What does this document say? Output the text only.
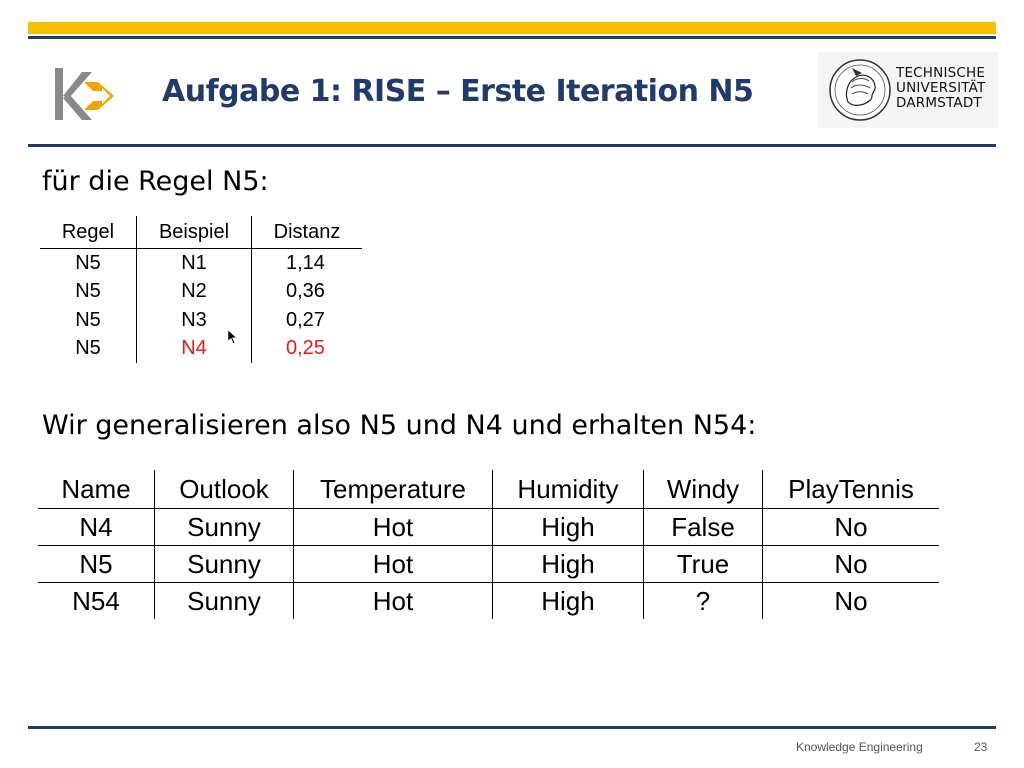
Aufgabe 1: RISE – Erste Iteration N5
TECHNISCHE
UNIVERSITÄT
DARMSTADT

für die Regel N5:

Regel	Beispiel	Distanz
N5	N1	1,14
N5	N2	0,36
N5	N3	0,27
N5	N4	0,25

Wir generalisieren also N5 und N4 und erhalten N54:

Name	Outlook	Temperature	Humidity	Windy	PlayTennis
N4	Sunny	Hot	High	False	No
N5	Sunny	Hot	High	True	No
N54	Sunny	Hot	High	?	No
Knowledge Engineering	23
